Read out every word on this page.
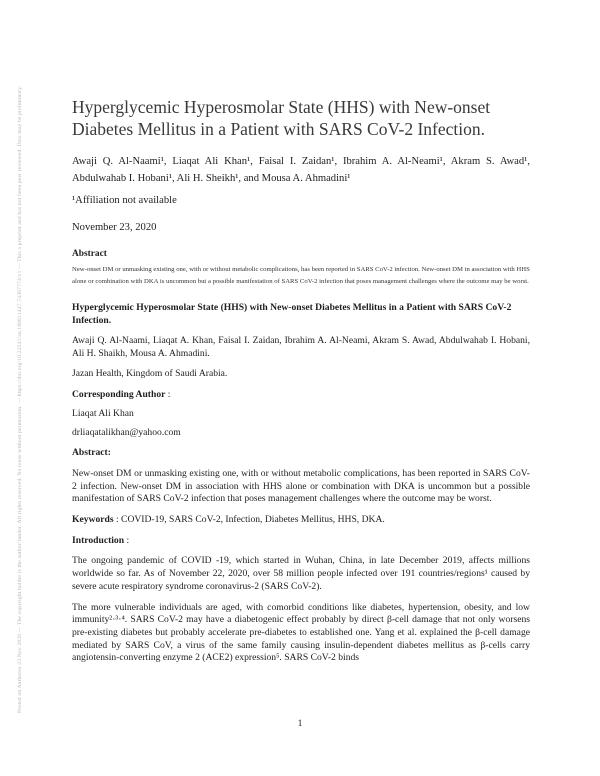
Posted on Authorea 23 Nov 2020 — The copyright holder is the author/funder. All rights reserved. No reuse without permission. — https://doi.org/10.22541/au.160611447.74307774/v1 — This a preprint and has not been peer reviewed. Data may be preliminary.	Hyperglycemic Hyperosmolar State (HHS) with New-onset Diabetes Mellitus in a Patient with SARS CoV-2 Infection.
Awaji Q. Al-Naami¹, Liaqat Ali Khan¹, Faisal I. Zaidan¹, Ibrahim A. Al-Neami¹, Akram S. Awad¹, Abdulwahab I. Hobani¹, Ali H. Sheikh¹, and Mousa A. Ahmadini¹
¹Affiliation not available
November 23, 2020
Abstract
New-onset DM or unmasking existing one, with or without metabolic complications, has been reported in SARS CoV-2 infection. New-onset DM in association with HHS alone or combination with DKA is uncommon but a possible manifestation of SARS CoV-2 infection that poses management challenges where the outcome may be worst.
Hyperglycemic Hyperosmolar State (HHS) with New-onset Diabetes Mellitus in a Patient with SARS CoV-2 Infection.
Awaji Q. Al-Naami, Liaqat A. Khan, Faisal I. Zaidan, Ibrahim A. Al-Neami, Akram S. Awad, Abdulwahab I. Hobani, Ali H. Shaikh, Mousa A. Ahmadini.
Jazan Health, Kingdom of Saudi Arabia.
Corresponding Author :
Liaqat Ali Khan
drliaqatalikhan@yahoo.com
Abstract:
New-onset DM or unmasking existing one, with or without metabolic complications, has been reported in SARS CoV-2 infection. New-onset DM in association with HHS alone or combination with DKA is uncommon but a possible manifestation of SARS CoV-2 infection that poses management challenges where the outcome may be worst.
Keywords : COVID-19, SARS CoV-2, Infection, Diabetes Mellitus, HHS, DKA.
Introduction :
The ongoing pandemic of COVID -19, which started in Wuhan, China, in late December 2019, affects millions worldwide so far. As of November 22, 2020, over 58 million people infected over 191 countries/regions¹ caused by severe acute respiratory syndrome coronavirus-2 (SARS CoV-2).
The more vulnerable individuals are aged, with comorbid conditions like diabetes, hypertension, obesity, and low immunity²·³·⁴. SARS CoV-2 may have a diabetogenic effect probably by direct β-cell damage that not only worsens pre-existing diabetes but probably accelerate pre-diabetes to established one. Yang et al. explained the β-cell damage mediated by SARS CoV, a virus of the same family causing insulin-dependent diabetes mellitus as β-cells carry angiotensin-converting enzyme 2 (ACE2) expression⁵. SARS CoV-2 binds
1
